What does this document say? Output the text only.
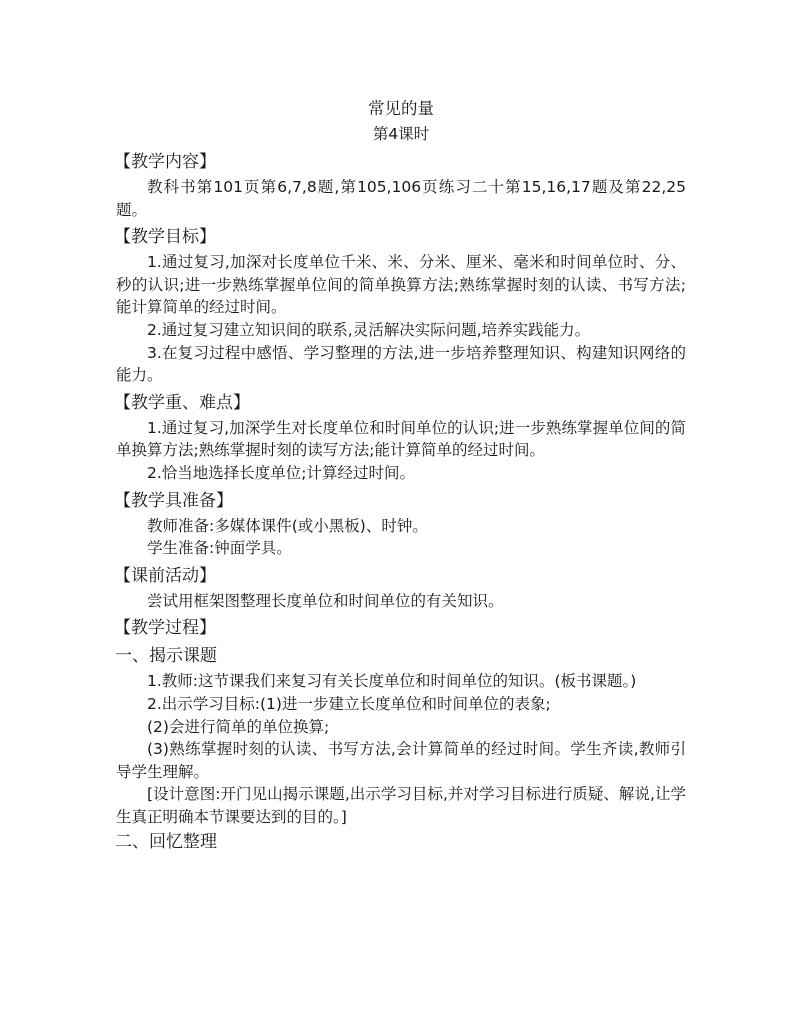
常见的量

第4课时

【教学内容】

教科书第101页第6,7,8题,第105,106页练习二十第15,16,17题及第22,25题。

【教学目标】

1.通过复习,加深对长度单位千米、米、分米、厘米、毫米和时间单位时、分、秒的认识;进一步熟练掌握单位间的简单换算方法;熟练掌握时刻的认读、书写方法;能计算简单的经过时间。

2.通过复习建立知识间的联系,灵活解决实际问题,培养实践能力。

3.在复习过程中感悟、学习整理的方法,进一步培养整理知识、构建知识网络的能力。

【教学重、难点】

1.通过复习,加深学生对长度单位和时间单位的认识;进一步熟练掌握单位间的简单换算方法;熟练掌握时刻的读写方法;能计算简单的经过时间。

2.恰当地选择长度单位;计算经过时间。

【教学具准备】

教师准备:多媒体课件(或小黑板)、时钟。

学生准备:钟面学具。

【课前活动】

尝试用框架图整理长度单位和时间单位的有关知识。

【教学过程】

一、揭示课题

1.教师:这节课我们来复习有关长度单位和时间单位的知识。(板书课题。)

2.出示学习目标:(1)进一步建立长度单位和时间单位的表象;

(2)会进行简单的单位换算;

(3)熟练掌握时刻的认读、书写方法,会计算简单的经过时间。学生齐读,教师引导学生理解。

[设计意图:开门见山揭示课题,出示学习目标,并对学习目标进行质疑、解说,让学生真正明确本节课要达到的目的。]

二、回忆整理
